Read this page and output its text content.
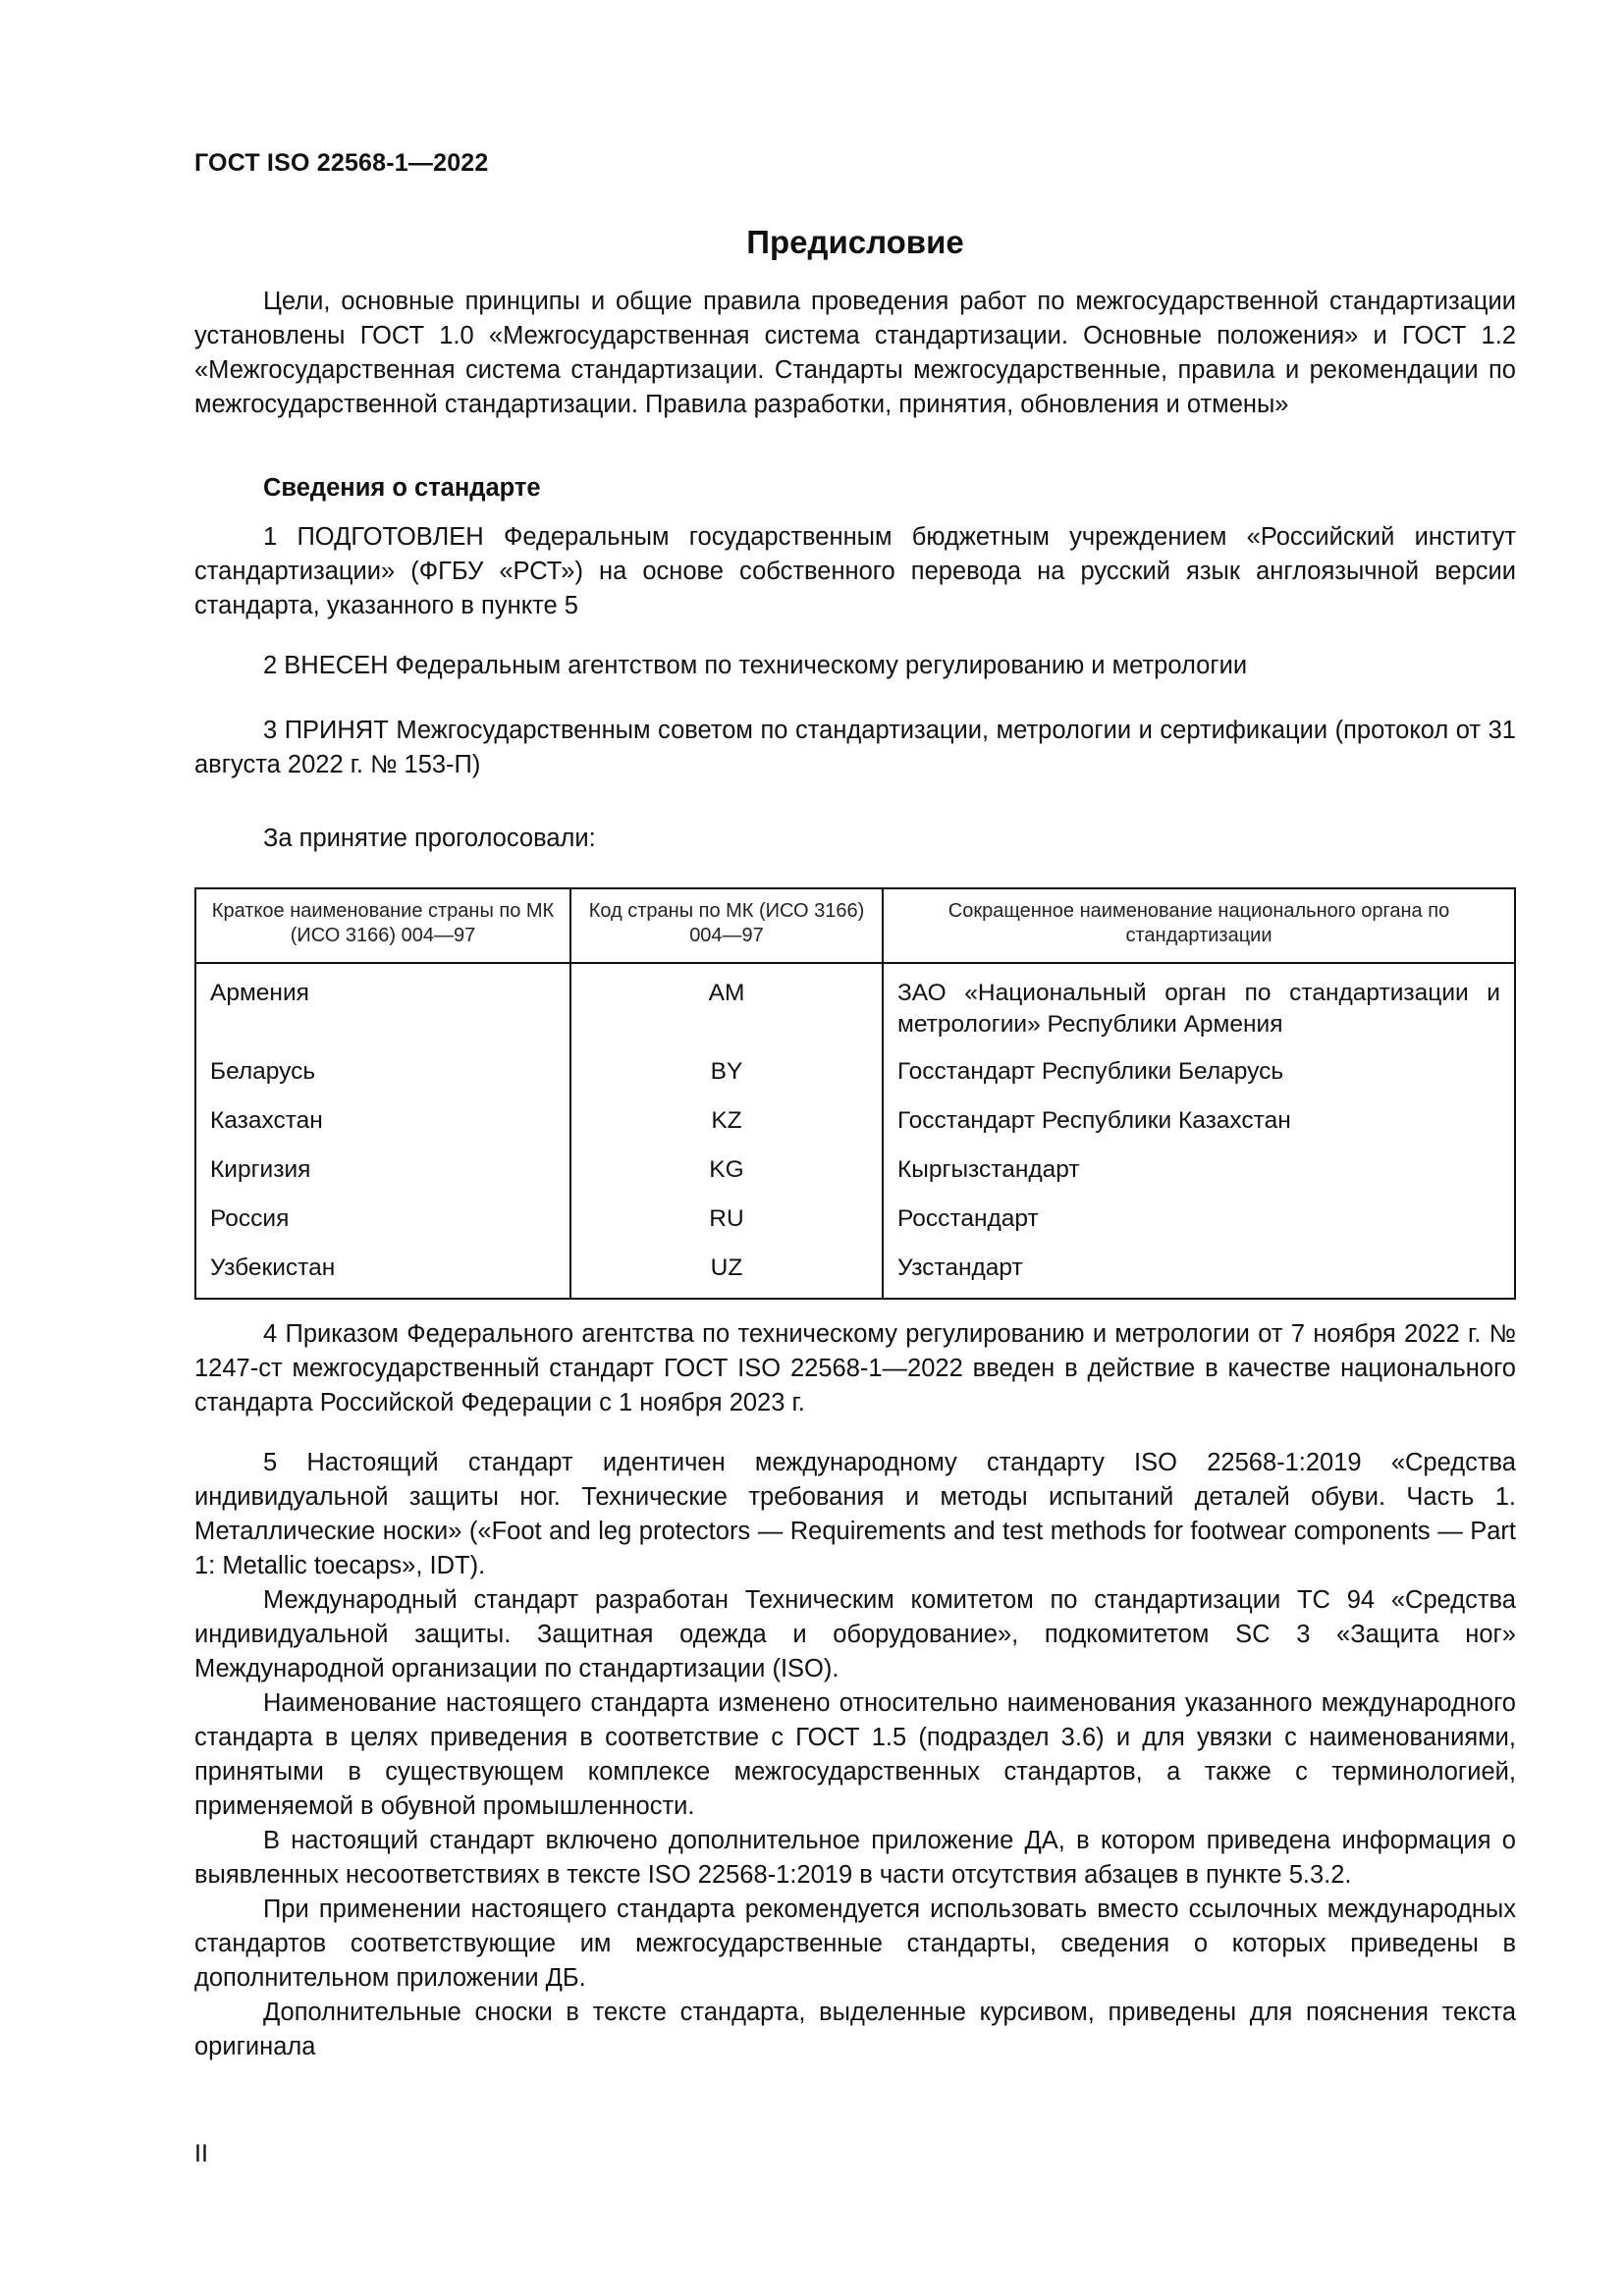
ГОСТ ISO 22568-1—2022
Предисловие

Цели, основные принципы и общие правила проведения работ по межгосударственной стандартизации установлены ГОСТ 1.0 «Межгосударственная система стандартизации. Основные положения» и ГОСТ 1.2 «Межгосударственная система стандартизации. Стандарты межгосударственные, правила и рекомендации по межгосударственной стандартизации. Правила разработки, принятия, обновления и отмены»

Сведения о стандарте

1 ПОДГОТОВЛЕН Федеральным государственным бюджетным учреждением «Российский институт стандартизации» (ФГБУ «РСТ») на основе собственного перевода на русский язык англоязычной версии стандарта, указанного в пункте 5

2 ВНЕСЕН Федеральным агентством по техническому регулированию и метрологии

3 ПРИНЯТ Межгосударственным советом по стандартизации, метрологии и сертификации (протокол от 31 августа 2022 г. № 153-П)

За принятие проголосовали:
Краткое наименование страны по МК (ИСО 3166) 004—97	Код страны по МК (ИСО 3166) 004—97	Сокращенное наименование национального органа по стандартизации
Армения	AM	ЗАО «Национальный орган по стандартизации и метрологии» Республики Армения
Беларусь	BY	Госстандарт Республики Беларусь
Казахстан	KZ	Госстандарт Республики Казахстан
Киргизия	KG	Кыргызстандарт
Россия	RU	Росстандарт
Узбекистан	UZ	Узстандарт

4 Приказом Федерального агентства по техническому регулированию и метрологии от 7 ноября 2022 г. № 1247-ст межгосударственный стандарт ГОСТ ISO 22568-1—2022 введен в действие в качестве национального стандарта Российской Федерации с 1 ноября 2023 г.

5 Настоящий стандарт идентичен международному стандарту ISO 22568-1:2019 «Средства индивидуальной защиты ног. Технические требования и методы испытаний деталей обуви. Часть 1. Металлические носки» («Foot and leg protectors — Requirements and test methods for footwear components — Part 1: Metallic toecaps», IDT).

Международный стандарт разработан Техническим комитетом по стандартизации ТС 94 «Средства индивидуальной защиты. Защитная одежда и оборудование», подкомитетом SC 3 «Защита ног» Международной организации по стандартизации (ISO).

Наименование настоящего стандарта изменено относительно наименования указанного международного стандарта в целях приведения в соответствие с ГОСТ 1.5 (подраздел 3.6) и для увязки с наименованиями, принятыми в существующем комплексе межгосударственных стандартов, а также с терминологией, применяемой в обувной промышленности.

В настоящий стандарт включено дополнительное приложение ДА, в котором приведена информация о выявленных несоответствиях в тексте ISO 22568-1:2019 в части отсутствия абзацев в пункте 5.3.2.

При применении настоящего стандарта рекомендуется использовать вместо ссылочных международных стандартов соответствующие им межгосударственные стандарты, сведения о которых приведены в дополнительном приложении ДБ.

Дополнительные сноски в тексте стандарта, выделенные курсивом, приведены для пояснения текста оригинала

II
